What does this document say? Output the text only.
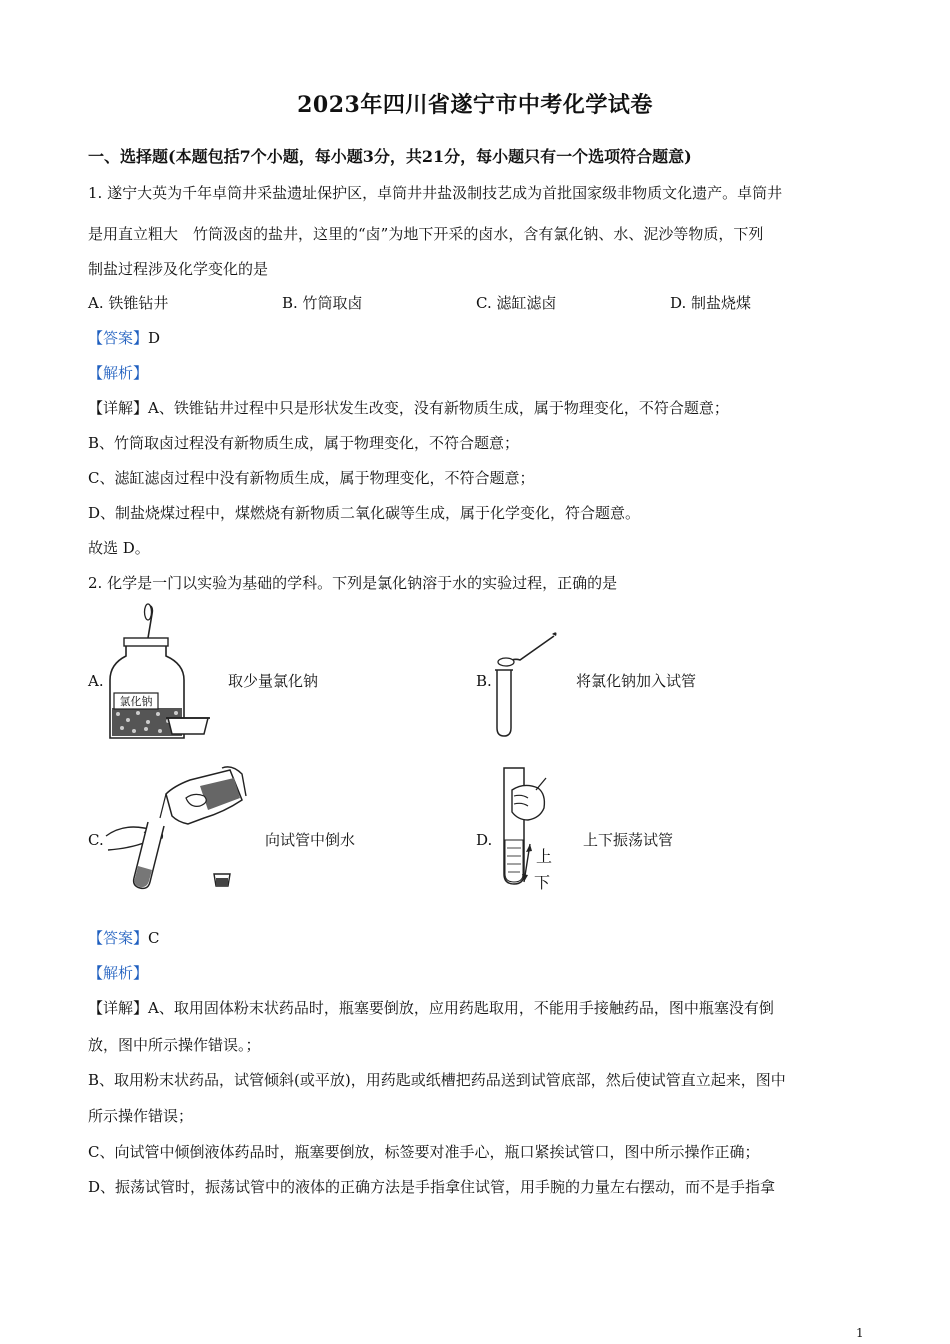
2023年四川省遂宁市中考化学试卷
一、选择题(本题包括7个小题，每小题3分，共21分，每小题只有一个选项符合题意)
1. 遂宁大英为千年卓筒井采盐遗址保护区，卓筒井井盐汲制技艺成为首批国家级非物质文化遗产。卓筒井
是用直立粗大　竹筒汲卤的盐井，这里的“卤”为地下开采的卤水，含有氯化钠、水、泥沙等物质，下列
制盐过程涉及化学变化的是
A. 铁锥钻井	B. 竹筒取卤	C. 滤缸滤卤	D. 制盐烧煤
【答案】D
【解析】
【详解】A、铁锥钻井过程中只是形状发生改变，没有新物质生成，属于物理变化，不符合题意；
B、竹筒取卤过程没有新物质生成，属于物理变化，不符合题意；
C、滤缸滤卤过程中没有新物质生成，属于物理变化，不符合题意；
D、制盐烧煤过程中，煤燃烧有新物质二氧化碳等生成，属于化学变化，符合题意。
故选 D。
2. 化学是一门以实验为基础的学科。下列是氯化钠溶于水的实验过程，正确的是
A.
氯化钠
取少量氯化钠	B.
C.	向试管中倒水	D.
上
下
上下振荡试管
将氯化钠加入试管
【答案】C
【解析】
【详解】A、取用固体粉末状药品时，瓶塞要倒放，应用药匙取用，不能用手接触药品，图中瓶塞没有倒
放，图中所示操作错误。；
B、取用粉末状药品，试管倾斜(或平放)，用药匙或纸槽把药品送到试管底部，然后使试管直立起来，图中
所示操作错误；
C、向试管中倾倒液体药品时，瓶塞要倒放，标签要对准手心，瓶口紧挨试管口，图中所示操作正确；
D、振荡试管时，振荡试管中的液体的正确方法是手指拿住试管，用手腕的力量左右摆动，而不是手指拿
1
